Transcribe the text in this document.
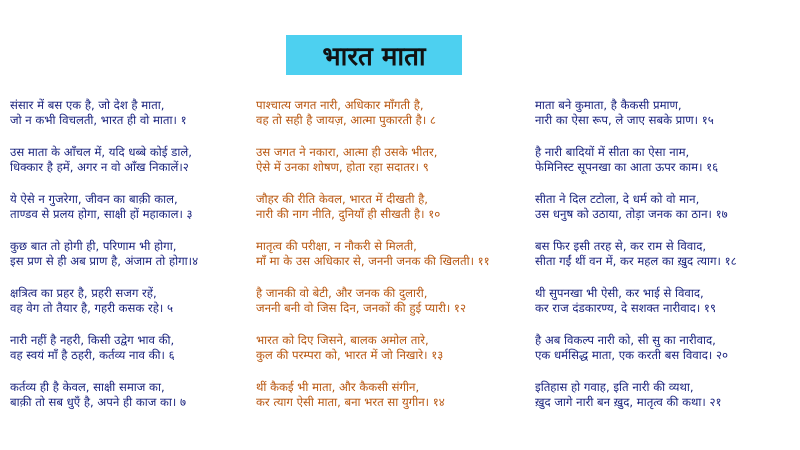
भारत माता
संसार में बस एक है, जो देश है माता,
जो न कभी विचलती, भारत ही वो माता। १
उस माता के आँचल में, यदि धब्बे कोई डाले,
धिक्कार है हमें, अगर न वो आँख निकालें।२
ये ऐसे न गुजरेगा, जीवन का बाक़ी काल,
ताण्डव से प्रलय होगा, साक्षी हों महाकाल। ३
कुछ बात तो होगी ही, परिणाम भी होगा,
इस प्रण से ही अब प्राण है, अंजाम तो होगा।४
क्षत्रित्व का प्रहर है, प्रहरी सजग रहें,
वह वेग तो तैयार है, गहरी कसक रहे। ५
नारी नहीं है नहरी, किसी उद्वेग भाव की,
वह स्वयं माँ है ठहरी, कर्तव्य नाव की। ६
कर्तव्य ही है केवल, साक्षी समाज का,
बाक़ी तो सब धुएँ है, अपने ही काज का। ७
पाश्चात्य जगत नारी, अधिकार माँगती है,
वह तो सही है जायज़, आत्मा पुकारती है। ८
उस जगत ने नकारा, आत्मा ही उसके भीतर,
ऐसे में उनका शोषण, होता रहा सदातर। ९
जौहर की रीति केवल, भारत में दीखती है,
नारी की नाग नीति, दुनियाँ ही सीखती है। १०
मातृत्व की परीक्षा, न नौकरी से मिलती,
माँ मा के उस अधिकार से, जननी जनक की खिलती। ११
है जानकी वो बेटी, और जनक की दुलारी,
जननी बनी वो जिस दिन, जनकों की हुई प्यारी। १२
भारत को दिए जिसने, बालक अमोल तारे,
कुल की परम्परा को, भारत में जो निखारे। १३
थीं कैकई भी माता, और कैकसी संगीन,
कर त्याग ऐसी माता, बना भरत सा युगीन। १४
माता बने कुमाता, है कैकसी प्रमाण,
नारी का ऐसा रूप, ले जाए सबके प्राण। १५
है नारी बादियों में सीता का ऐसा नाम,
फेमिनिस्ट सूपनखा का आता ऊपर काम। १६
सीता ने दिल टटोला, दे धर्म को वो मान,
उस धनुष को उठाया, तोड़ा जनक का ठान। १७
बस फिर इसी तरह से, कर राम से विवाद,
सीता गईं थीं वन में, कर महल का ख़ुद त्याग। १८
थी सुपनखा भी ऐसी, कर भाई से विवाद,
कर राज दंडकारण्य, दे सशक्त नारीवाद। १९
है अब विकल्प नारी को, सी सु का नारीवाद,
एक धर्मसिद्ध माता, एक करती बस विवाद। २०
इतिहास हो गवाह, इति नारी की व्यथा,
ख़ुद जागे नारी बन ख़ुद, मातृत्व की कथा। २१
